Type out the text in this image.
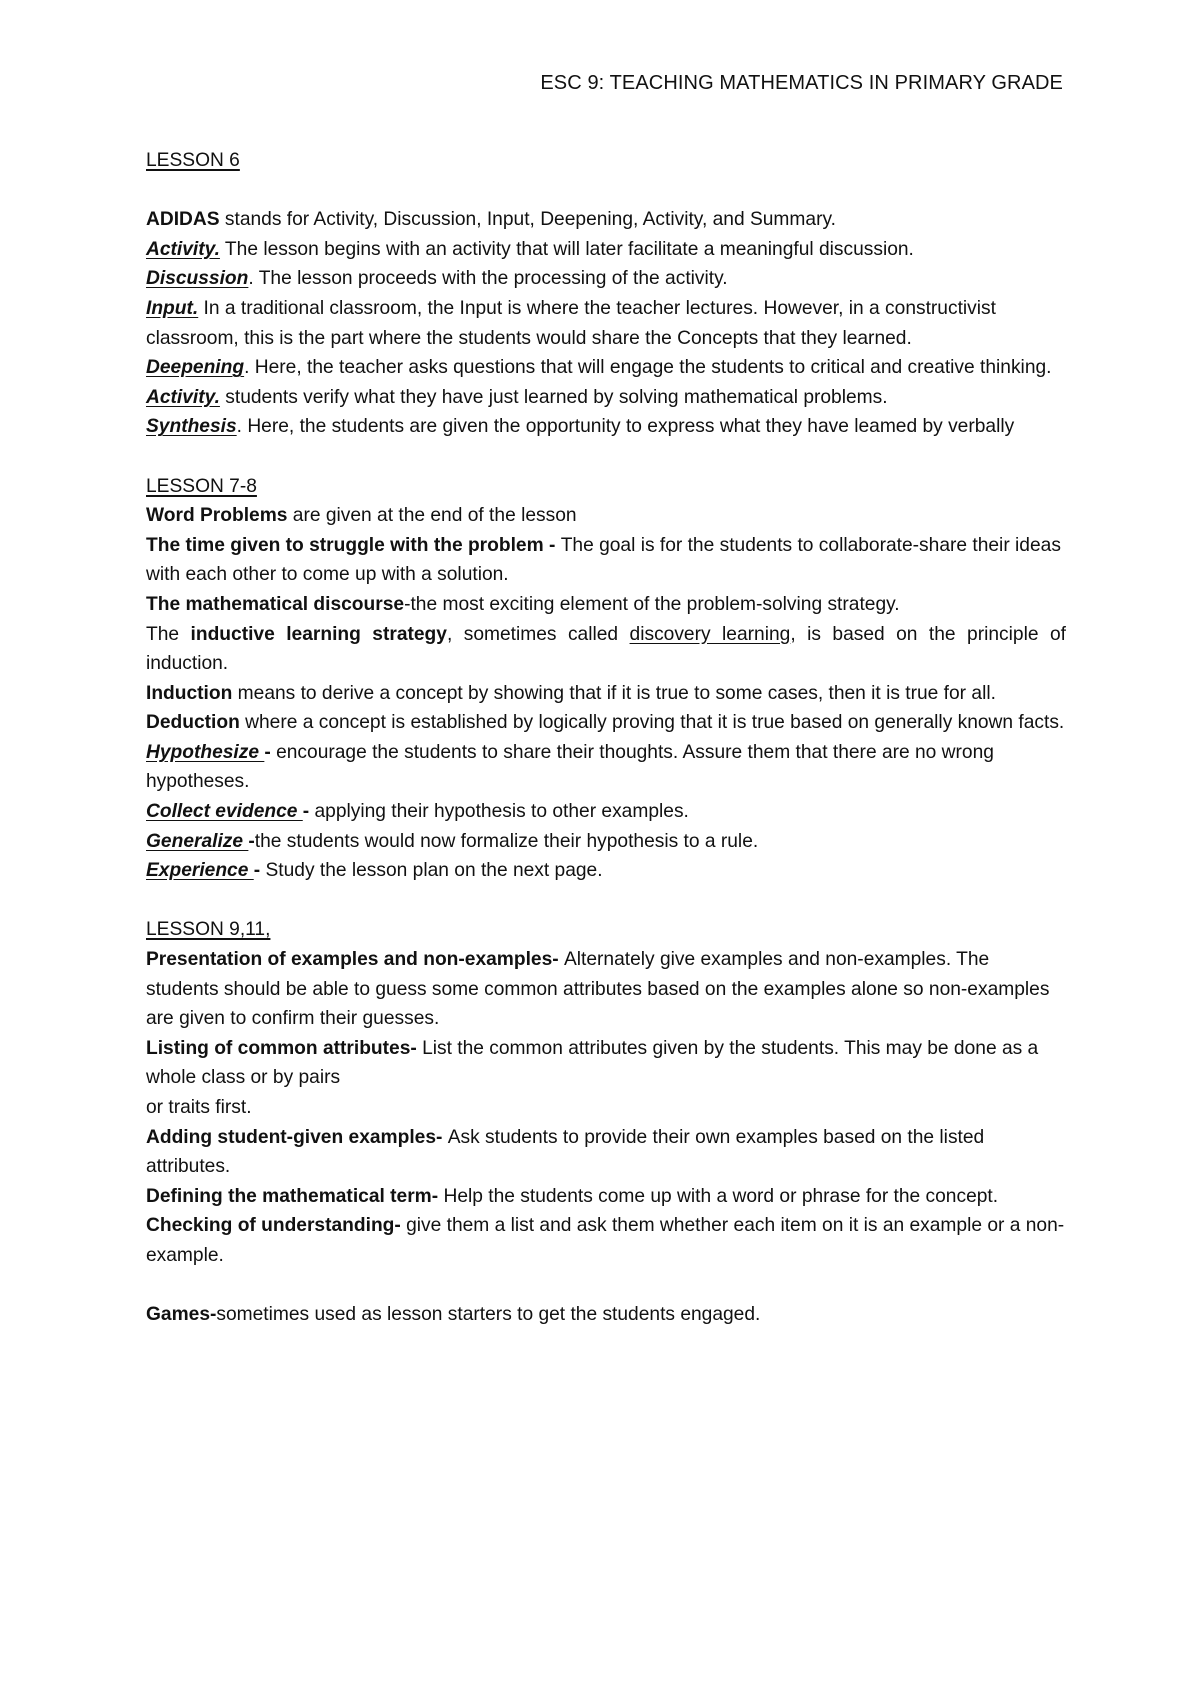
ESC 9: TEACHING MATHEMATICS IN PRIMARY GRADE

LESSON 6

ADIDAS stands for Activity, Discussion, Input, Deepening, Activity, and Summary.

Activity. The lesson begins with an activity that will later facilitate a meaningful discussion.

Discussion. The lesson proceeds with the processing of the activity.

Input. In a traditional classroom, the Input is where the teacher lectures. However, in a constructivist classroom, this is the part where the students would share the Concepts that they learned.

Deepening. Here, the teacher asks questions that will engage the students to critical and creative thinking.

Activity. students verify what they have just learned by solving mathematical problems.

Synthesis. Here, the students are given the opportunity to express what they have leamed by verbally

LESSON 7-8

Word Problems are given at the end of the lesson

The time given to struggle with the problem - The goal is for the students to collaborate-share their ideas with each other to come up with a solution.

The mathematical discourse-the most exciting element of the problem-solving strategy.

The inductive learning strategy, sometimes called discovery learning, is based on the principle of induction.

Induction means to derive a concept by showing that if it is true to some cases, then it is true for all.

Deduction where a concept is established by logically proving that it is true based on generally known facts.

Hypothesize - encourage the students to share their thoughts. Assure them that there are no wrong hypotheses.

Collect evidence - applying their hypothesis to other examples.

Generalize -the students would now formalize their hypothesis to a rule.

Experience - Study the lesson plan on the next page.

LESSON 9,11,

Presentation of examples and non-examples- Alternately give examples and non-examples. The students should be able to guess some common attributes based on the examples alone so non-examples are given to confirm their guesses.

Listing of common attributes- List the common attributes given by the students. This may be done as a whole class or by pairs

or traits first.

Adding student-given examples- Ask students to provide their own examples based on the listed attributes.

Defining the mathematical term- Help the students come up with a word or phrase for the concept.

Checking of understanding- give them a list and ask them whether each item on it is an example or a non-example.

Games-sometimes used as lesson starters to get the students engaged.
